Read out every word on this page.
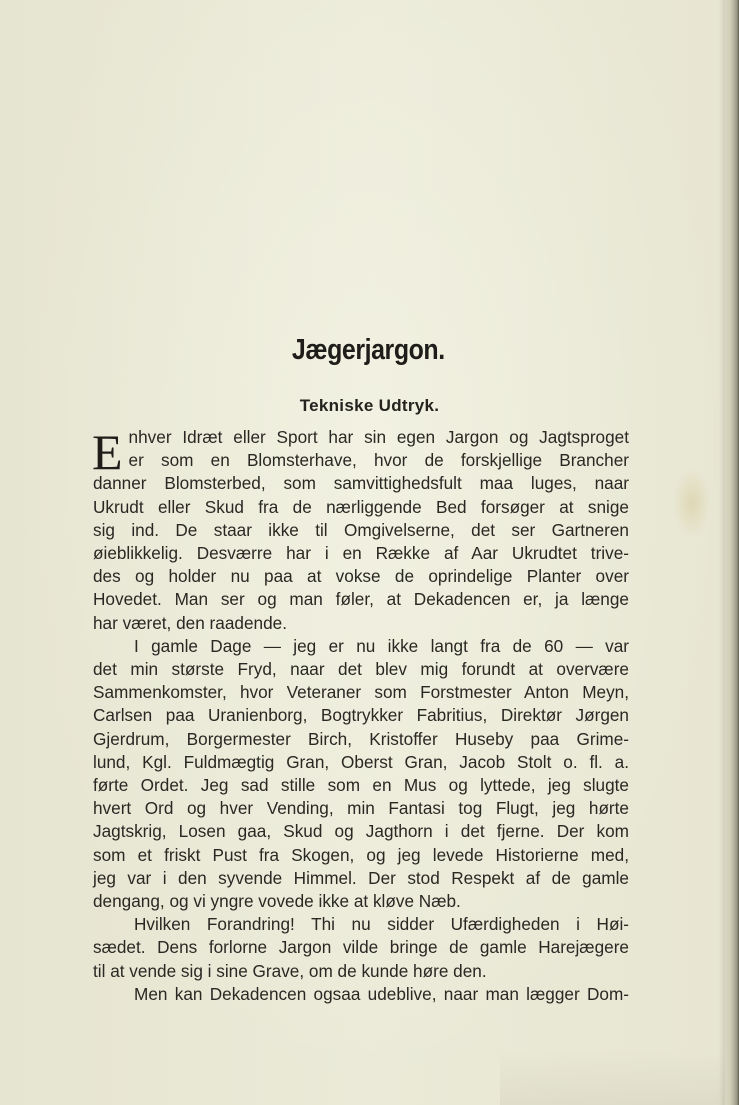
Jægerjargon.
Tekniske Udtryk.
E nhver Idræt eller Sport har sin egen Jargon og Jagtsproget
er som en Blomsterhave, hvor de forskjellige Brancher
danner Blomsterbed, som samvittighedsfult maa luges, naar
Ukrudt eller Skud fra de nærliggende Bed forsøger at snige
sig ind. De staar ikke til Omgivelserne, det ser Gartneren
øieblikkelig. Desværre har i en Række af Aar Ukrudtet trive-
des og holder nu paa at vokse de oprindelige Planter over
Hovedet. Man ser og man føler, at Dekadencen er, ja længe
har været, den raadende.
I gamle Dage — jeg er nu ikke langt fra de 60 — var
det min største Fryd, naar det blev mig forundt at overvære
Sammenkomster, hvor Veteraner som Forstmester Anton Meyn,
Carlsen paa Uranienborg, Bogtrykker Fabritius, Direktør Jørgen
Gjerdrum, Borgermester Birch, Kristoffer Huseby paa Grime-
lund, Kgl. Fuldmægtig Gran, Oberst Gran, Jacob Stolt o. fl. a.
førte Ordet. Jeg sad stille som en Mus og lyttede, jeg slugte
hvert Ord og hver Vending, min Fantasi tog Flugt, jeg hørte
Jagtskrig, Losen gaa, Skud og Jagthorn i det fjerne. Der kom
som et friskt Pust fra Skogen, og jeg levede Historierne med,
jeg var i den syvende Himmel. Der stod Respekt af de gamle
dengang, og vi yngre vovede ikke at kløve Næb.
Hvilken Forandring! Thi nu sidder Ufærdigheden i Høi-
sædet. Dens forlorne Jargon vilde bringe de gamle Harejægere
til at vende sig i sine Grave, om de kunde høre den.
Men kan Dekadencen ogsaa udeblive, naar man lægger Dom-
